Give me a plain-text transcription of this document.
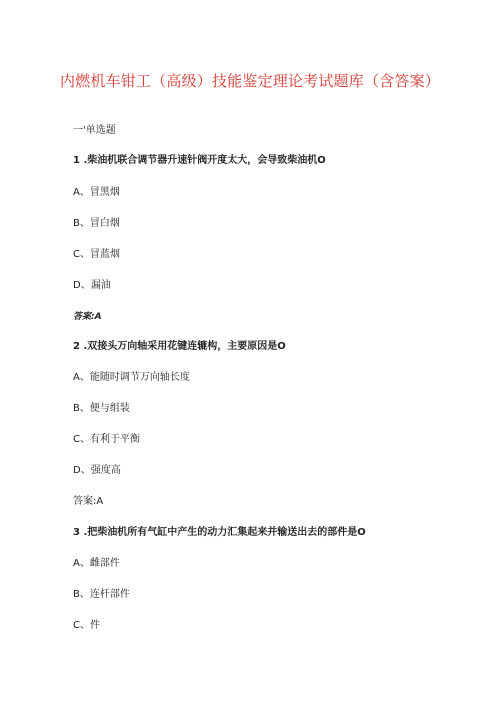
内燃机车钳工（高级）技能鉴定理论考试题库（含答案）
一'单选题
1 .柴油机联合调节器升速针阀开度太大，会导致柴油机O
A、冒黑烟
B、冒白烟
C、冒蓝烟
D、漏油
答案:A
2 .双接头万向轴采用花键连辘构，主要原因是O
A、能随时调节万向轴长度
B、便与组装
C、有利于平衡
D、强度高
答案:A
3 .把柴油机所有气缸中产生的动力汇集起来并输送出去的部件是O
A、雌部件
B、连杆部件
C、件
